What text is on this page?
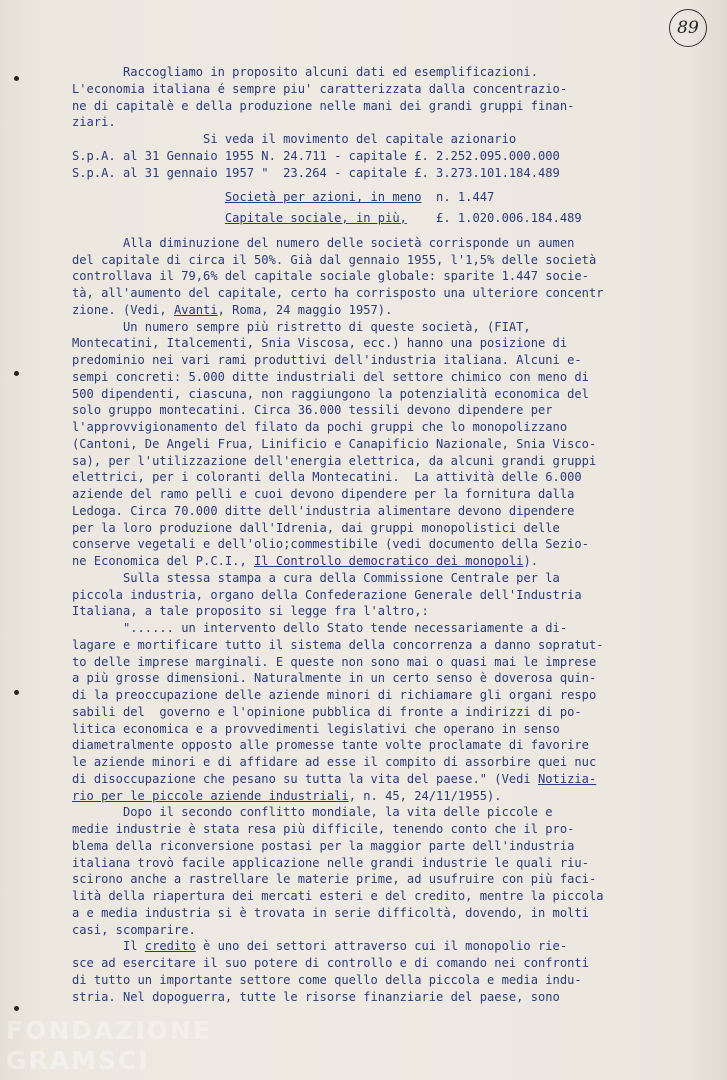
89
Raccogliamo in proposito alcuni dati ed esemplificazioni.
L'economia italiana é sempre piu' caratterizzata dalla concentrazio-
ne di capitalè e della produzione nelle mani dei grandi gruppi finan-
ziari.
Si veda il movimento del capitale azionario
S.p.A. al 31 Gennaio 1955 N. 24.711 - capitale £. 2.252.095.000.000
S.p.A. al 31 gennaio 1957 "  23.264 - capitale £. 3.273.101.184.489
Società per azioni, in meno  n. 1.447
Capitale sociale, in più,    £. 1.020.006.184.489
Alla diminuzione del numero delle società corrisponde un aumen
del capitale di circa il 50%. Già dal gennaio 1955, l'1,5% delle società
controllava il 79,6% del capitale sociale globale: sparite 1.447 socie-
tà, all'aumento del capitale, certo ha corrisposto una ulteriore concentr
zione. (Vedi, Avanti, Roma, 24 maggio 1957).
Un numero sempre più ristretto di queste società, (FIAT,
Montecatini, Italcementi, Snia Viscosa, ecc.) hanno una posizione di
predominio nei vari rami produttivi dell'industria italiana. Alcuni e-
sempi concreti: 5.000 ditte industriali del settore chimico con meno di
500 dipendenti, ciascuna, non raggiungono la potenzialità economica del
solo gruppo montecatini. Circa 36.000 tessili devono dipendere per
l'approvvigionamento del filato da pochi gruppi che lo monopolizzano
(Cantoni, De Angeli Frua, Linificio e Canapificio Nazionale, Snia Visco-
sa), per l'utilizzazione dell'energia elettrica, da alcuni grandi gruppi
elettrici, per i coloranti della Montecatini.  La attività delle 6.000
aziende del ramo pelli e cuoi devono dipendere per la fornitura dalla
Ledoga. Circa 70.000 ditte dell'industria alimentare devono dipendere
per la loro produzione dall'Idrenia, dai gruppi monopolistici delle
conserve vegetali e dell'olio;commestibile (vedi documento della Sezio-
ne Economica del P.C.I., Il Controllo democratico dei monopoli).
Sulla stessa stampa a cura della Commissione Centrale per la
piccola industria, organo della Confederazione Generale dell'Industria
Italiana, a tale proposito si legge fra l'altro,:
"...... un intervento dello Stato tende necessariamente a di-
lagare e mortificare tutto il sistema della concorrenza a danno sopratut-
to delle imprese marginali. E queste non sono mai o quasi mai le imprese
a più grosse dimensioni. Naturalmente in un certo senso è doverosa quin-
di la preoccupazione delle aziende minori di richiamare gli organi respo
sabili del  governo e l'opinione pubblica di fronte a indirizzi di po-
litica economica e a provvedimenti legislativi che operano in senso
diametralmente opposto alle promesse tante volte proclamate di favorire
le aziende minori e di affidare ad esse il compito di assorbire quei nuc
di disoccupazione che pesano su tutta la vita del paese." (Vedi Notizia-
rio per le piccole aziende industriali, n. 45, 24/11/1955).
Dopo il secondo conflitto mondiale, la vita delle piccole e
medie industrie è stata resa più difficile, tenendo conto che il pro-
blema della riconversione postasi per la maggior parte dell'industria
italiana trovò facile applicazione nelle grandi industrie le quali riu-
scirono anche a rastrellare le materie prime, ad usufruire con più faci-
lità della riapertura dei mercati esteri e del credito, mentre la piccola
a e media industria si è trovata in serie difficoltà, dovendo, in molti
casi, scomparire.
Il credito è uno dei settori attraverso cui il monopolio rie-
sce ad esercitare il suo potere di controllo e di comando nei confronti
di tutto un importante settore come quello della piccola e media indu-
stria. Nel dopoguerra, tutte le risorse finanziarie del paese, sono
FONDAZIONE
GRAMSCI
